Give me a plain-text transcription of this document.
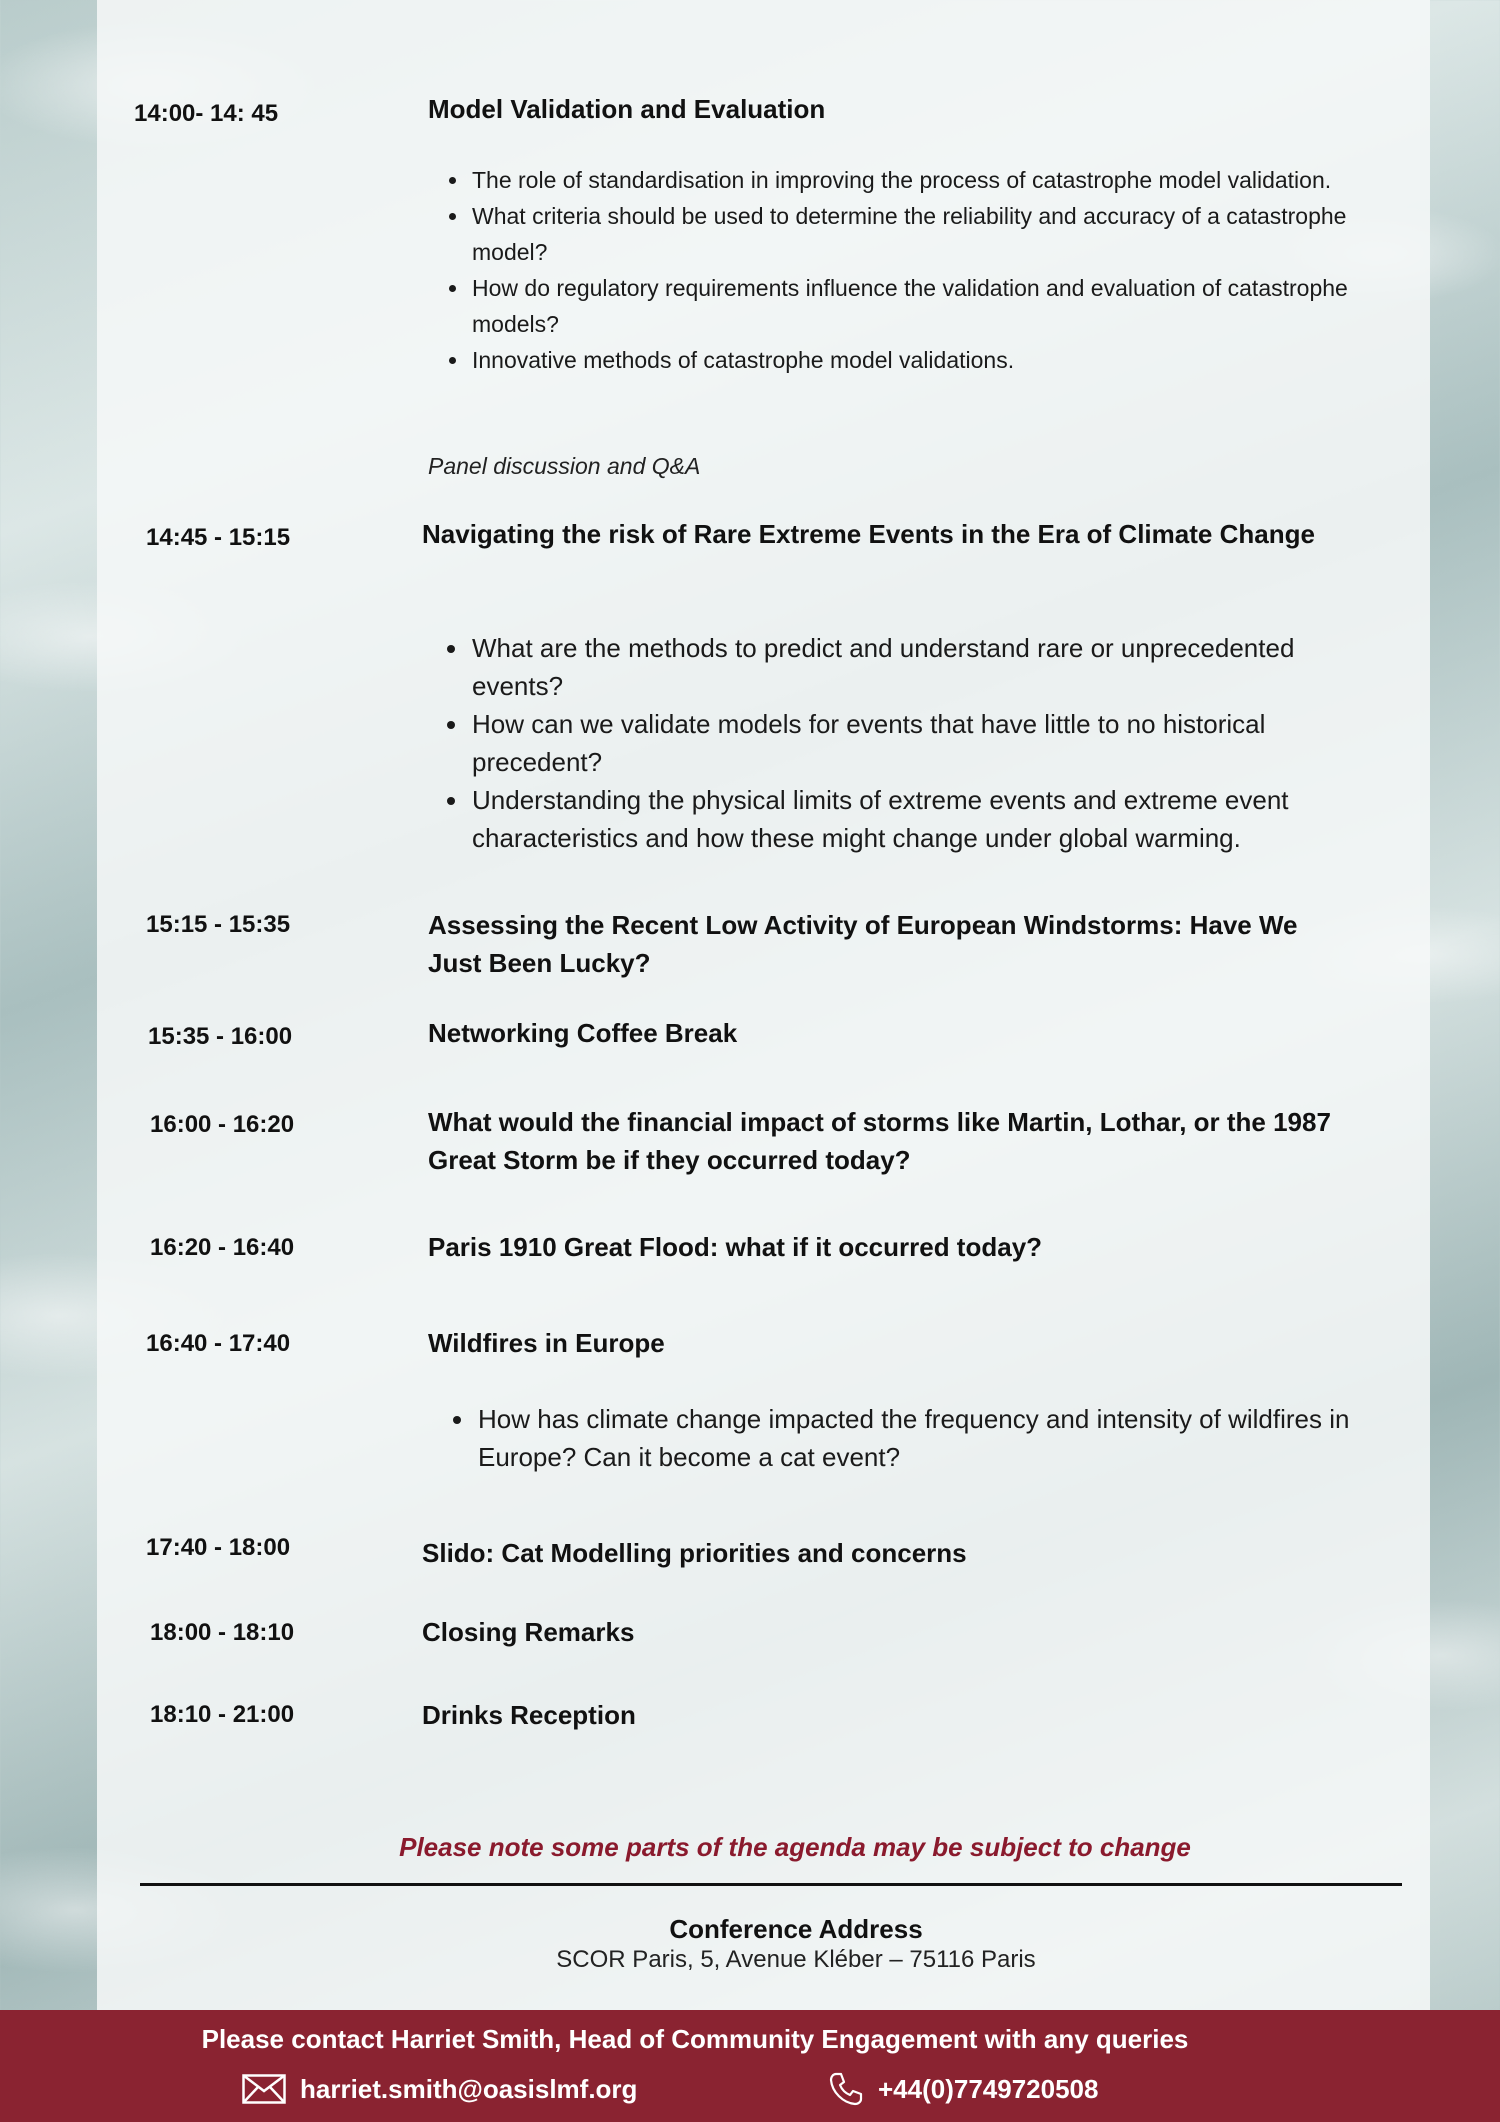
14:00- 14: 45	Model Validation and Evaluation
• The role of standardisation in improving the process of catastrophe model validation.
• What criteria should be used to determine the reliability and accuracy of a catastrophe model?
• How do regulatory requirements influence the validation and evaluation of catastrophe models?
• Innovative methods of catastrophe model validations.
Panel discussion and Q&A
14:45 - 15:15	Navigating the risk of Rare Extreme Events in the Era of Climate Change
• What are the methods to predict and understand rare or unprecedented events?
• How can we validate models for events that have little to no historical precedent?
• Understanding the physical limits of extreme events and extreme event characteristics and how these might change under global warming.
15:15 - 15:35	Assessing the Recent Low Activity of European Windstorms: Have We Just Been Lucky?
15:35 - 16:00	Networking Coffee Break
16:00 - 16:20	What would the financial impact of storms like Martin, Lothar, or the 1987 Great Storm be if they occurred today?
16:20 - 16:40	Paris 1910 Great Flood: what if it occurred today?
16:40 - 17:40	Wildfires in Europe
• How has climate change impacted the frequency and intensity of wildfires in Europe? Can it become a cat event?
17:40 - 18:00	Slido: Cat Modelling priorities and concerns
18:00 - 18:10	Closing Remarks
18:10 - 21:00	Drinks Reception
Please note some parts of the agenda may be subject to change
Conference Address
SCOR Paris, 5, Avenue Kléber – 75116 Paris
Please contact Harriet Smith, Head of Community Engagement with any queries
harriet.smith@oasislmf.org	+44(0)7749720508
